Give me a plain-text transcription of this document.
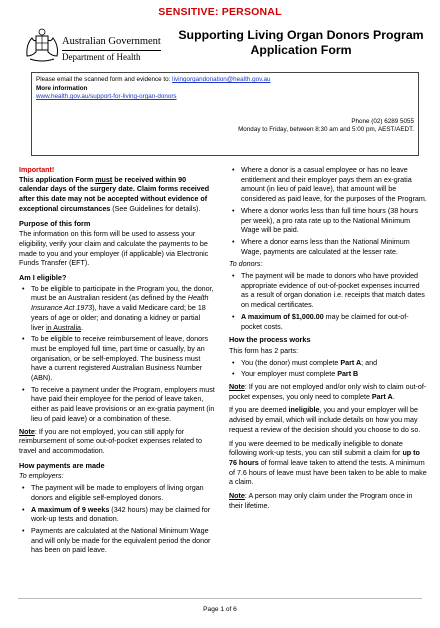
SENSITIVE: PERSONAL
Australian Government
Department of Health
Supporting Living Organ Donors Program
Application Form
Please email the scanned form and evidence to: livingorgandonation@health.gov.au
More information
www.health.gov.au/support-for-living-organ-donors
Phone (02) 6289 5055
Monday to Friday, between 8:30 am and 5:00 pm, AEST/AEDT.
Important!

This application Form must be received within 90 calendar days of the surgery date. Claim forms received after this date may not be accepted without evidence of exceptional circumstances (See Guidelines for details).

Purpose of this form

The information on this form will be used to assess your eligibility, verify your claim and calculate the payments to be made to you and your employer (if applicable) via Electronic Funds Transfer (EFT).

Am I eligible?
• To be eligible to participate in the Program you, the donor, must be an Australian resident (as defined by the Health Insurance Act 1973), have a valid Medicare card; be 18 years of age or older; and donating a kidney or partial liver in Australia.
• To be eligible to receive reimbursement of leave, donors must be employed full time, part time or casually, by an organisation, or be self-employed. The business must have a current registered Australian Business Number (ABN).
• To receive a payment under the Program, employers must have paid their employee for the period of leave taken, either as paid leave provisions or an ex-gratia payment (in lieu of paid leave) or a combination of these.

Note: If you are not employed, you can still apply for reimbursement of some out-of-pocket expenses related to travel and accommodation.

How payments are made

To employers:

• The payment will be made to employers of living organ donors and eligible self-employed donors.
• A maximum of 9 weeks (342 hours) may be claimed for work-up tests and donation.
• Payments are calculated at the National Minimum Wage and will only be made for the equivalent period the donor has been on paid leave.
• Where a donor is a casual employee or has no leave entitlement and their employer pays them an ex-gratia amount (in lieu of paid leave), that amount will be considered as paid leave, for the purposes of the Program.
• Where a donor works less than full time hours (38 hours per week), a pro rata rate up to the National Minimum Wage will be paid.
• Where a donor earns less than the National Minimum Wage, payments are calculated at the lesser rate.

To donors:

• The payment will be made to donors who have provided appropriate evidence of out-of-pocket expenses incurred as a result of organ donation i.e. receipts that match dates on medical certificates.
• A maximum of $1,000.00 may be claimed for out-of-pocket costs.
How the process works

This form has 2 parts:

• You (the donor) must complete Part A; and
• Your employer must complete Part B

Note: If you are not employed and/or only wish to claim out-of-pocket expenses, you only need to complete Part A.

If you are deemed ineligible, you and your employer will be advised by email, which will include details on how you may request a review of the decision should you choose to do so.

If you were deemed to be medically ineligible to donate following work-up tests, you can still submit a claim for up to 76 hours of formal leave taken to attend the tests. A minimum of 7.6 hours of leave must have been taken to be able to make a claim.

Note: A person may only claim under the Program once in their lifetime.

Page 1 of 6
